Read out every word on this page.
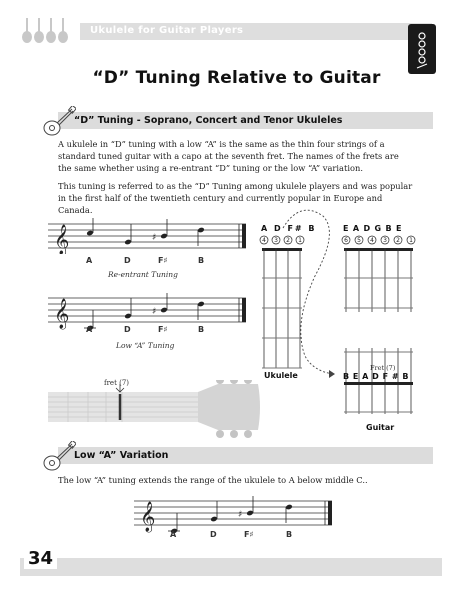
Ukulele for Guitar Players
“D” Tuning Relative to Guitar
“D” Tuning - Soprano, Concert and Tenor Ukuleles
A ukulele in “D” tuning with a low “A” is the same as the thin four strings of a standard tuned guitar with a capo at the seventh fret. The names of the frets are the same whether using a re-entrant “D” tuning or the low “A” variation.
This tuning is referred to as the “D” Tuning among ukulele players and was popular in the first half of the twentieth century and currently popular in Europe and Canada.
𝄞	♯
A	D	F♯	B
Re-entrant Tuning
𝄞	♯
A	D	F♯	B
Low “A” Tuning
fret (7)
A D F# B
4 3 2 1
Ukulele
EADGBE
6 5 4 3 2 1
Fret (7)
BEADF#B
Guitar
Low “A” Variation
The low “A” tuning extends the range of the ukulele to A below middle C..
𝄞	♯
A	D	F♯	B
34
